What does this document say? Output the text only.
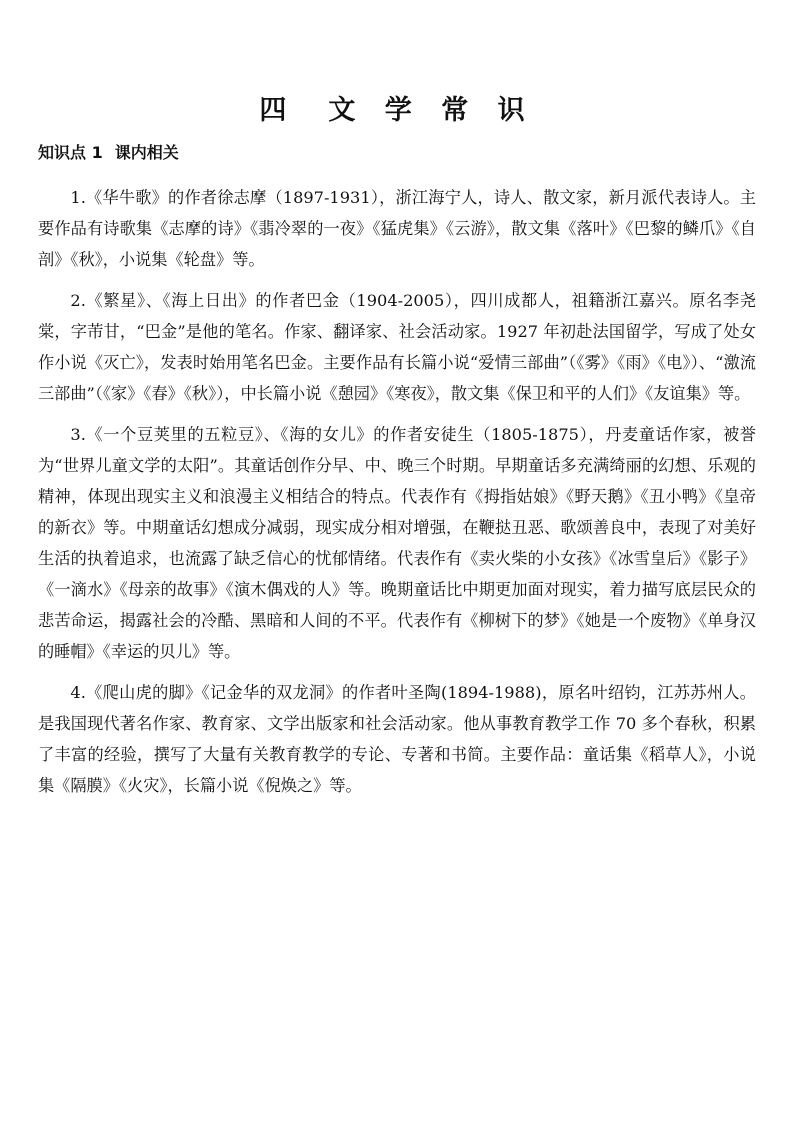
四 文 学 常 识
知识点 1 课内相关

1.《华牛歌》的作者徐志摩（1897-1931），浙江海宁人，诗人、散文家，新月派代表诗人。主要作品有诗歌集《志摩的诗》《翡冷翠的一夜》《猛虎集》《云游》，散文集《落叶》《巴黎的鳞爪》《自剖》《秋》，小说集《轮盘》等。

2.《繁星》、《海上日出》的作者巴金（1904-2005），四川成都人，祖籍浙江嘉兴。原名李尧棠，字芾甘，“巴金”是他的笔名。作家、翻译家、社会活动家。1927 年初赴法国留学，写成了处女作小说《灭亡》，发表时始用笔名巴金。主要作品有长篇小说“爱情三部曲”（《雾》《雨》《电》）、“激流三部曲”（《家》《春》《秋》），中长篇小说《憩园》《寒夜》，散文集《保卫和平的人们》《友谊集》等。

3.《一个豆荚里的五粒豆》、《海的女儿》的作者安徒生（1805-1875），丹麦童话作家，被誉为“世界儿童文学的太阳”。其童话创作分早、中、晚三个时期。早期童话多充满绮丽的幻想、乐观的精神，体现出现实主义和浪漫主义相结合的特点。代表作有《拇指姑娘》《野天鹅》《丑小鸭》《皇帝的新衣》等。中期童话幻想成分减弱，现实成分相对增强，在鞭挞丑恶、歌颂善良中，表现了对美好生活的执着追求，也流露了缺乏信心的忧郁情绪。代表作有《卖火柴的小女孩》《冰雪皇后》《影子》《一滴水》《母亲的故事》《演木偶戏的人》等。晚期童话比中期更加面对现实，着力描写底层民众的悲苦命运，揭露社会的冷酷、黑暗和人间的不平。代表作有《柳树下的梦》《她是一个废物》《单身汉的睡帽》《幸运的贝儿》等。

4.《爬山虎的脚》《记金华的双龙洞》的作者叶圣陶(1894-1988)，原名叶绍钧，江苏苏州人。是我国现代著名作家、教育家、文学出版家和社会活动家。他从事教育教学工作 70 多个春秋，积累了丰富的经验，撰写了大量有关教育教学的专论、专著和书简。主要作品：童话集《稻草人》，小说集《隔膜》《火灾》，长篇小说《倪焕之》等。
